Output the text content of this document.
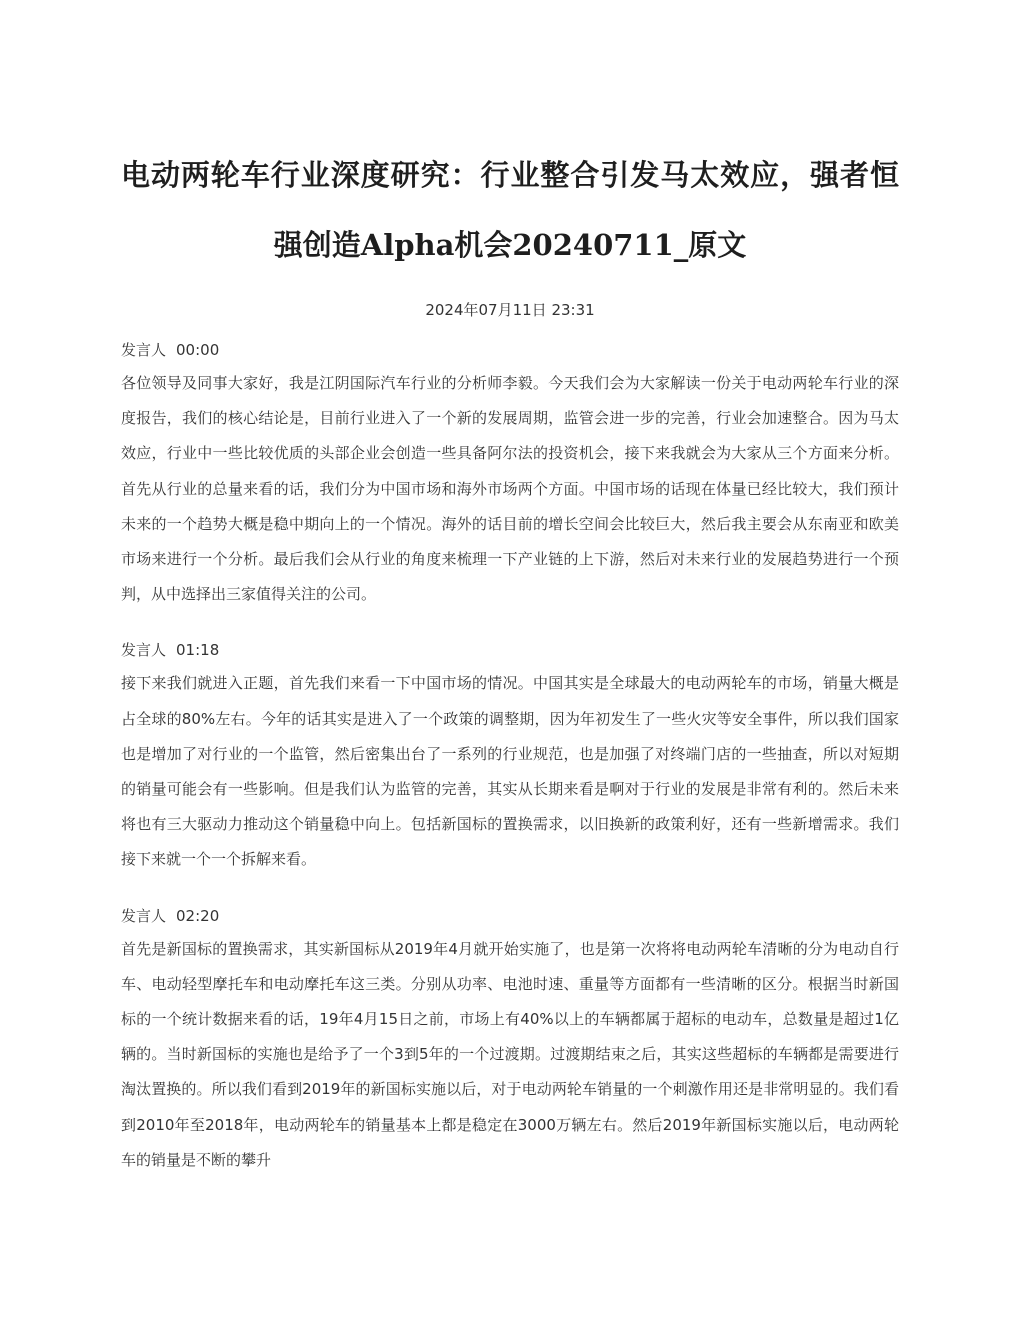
电动两轮车行业深度研究：行业整合引发马太效应，强者恒强创造Alpha机会20240711_原文
2024年07月11日 23:31
发言人 00:00
各位领导及同事大家好，我是江阴国际汽车行业的分析师李毅。今天我们会为大家解读一份关于电动两轮车行业的深度报告，我们的核心结论是，目前行业进入了一个新的发展周期，监管会进一步的完善，行业会加速整合。因为马太效应，行业中一些比较优质的头部企业会创造一些具备阿尔法的投资机会，接下来我就会为大家从三个方面来分析。首先从行业的总量来看的话，我们分为中国市场和海外市场两个方面。中国市场的话现在体量已经比较大，我们预计未来的一个趋势大概是稳中期向上的一个情况。海外的话目前的增长空间会比较巨大，然后我主要会从东南亚和欧美市场来进行一个分析。最后我们会从行业的角度来梳理一下产业链的上下游，然后对未来行业的发展趋势进行一个预判，从中选择出三家值得关注的公司。
发言人 01:18
接下来我们就进入正题，首先我们来看一下中国市场的情况。中国其实是全球最大的电动两轮车的市场，销量大概是占全球的80%左右。今年的话其实是进入了一个政策的调整期，因为年初发生了一些火灾等安全事件，所以我们国家也是增加了对行业的一个监管，然后密集出台了一系列的行业规范，也是加强了对终端门店的一些抽查，所以对短期的销量可能会有一些影响。但是我们认为监管的完善，其实从长期来看是啊对于行业的发展是非常有利的。然后未来将也有三大驱动力推动这个销量稳中向上。包括新国标的置换需求，以旧换新的政策利好，还有一些新增需求。我们接下来就一个一个拆解来看。
发言人 02:20
首先是新国标的置换需求，其实新国标从2019年4月就开始实施了，也是第一次将将电动两轮车清晰的分为电动自行车、电动轻型摩托车和电动摩托车这三类。分别从功率、电池时速、重量等方面都有一些清晰的区分。根据当时新国标的一个统计数据来看的话，19年4月15日之前，市场上有40%以上的车辆都属于超标的电动车，总数量是超过1亿辆的。当时新国标的实施也是给予了一个3到5年的一个过渡期。过渡期结束之后，其实这些超标的车辆都是需要进行淘汰置换的。所以我们看到2019年的新国标实施以后，对于电动两轮车销量的一个刺激作用还是非常明显的。我们看到2010年至2018年，电动两轮车的销量基本上都是稳定在3000万辆左右。然后2019年新国标实施以后，电动两轮车的销量是不断的攀升
